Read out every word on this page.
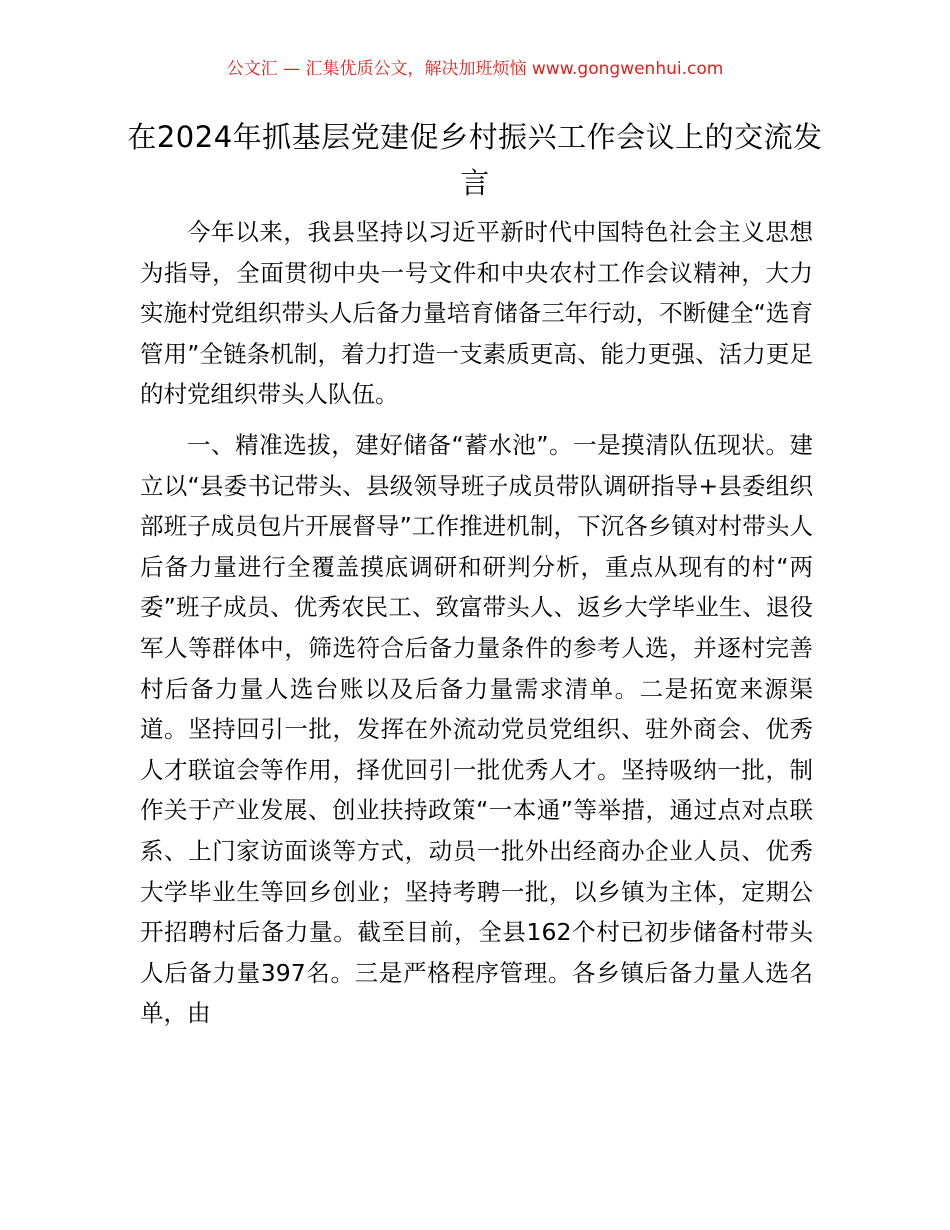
公文汇 — 汇集优质公文，解决加班烦恼 www.gongwenhui.com
在2024年抓基层党建促乡村振兴工作会议上的交流发言

今年以来，我县坚持以习近平新时代中国特色社会主义思想为指导，全面贯彻中央一号文件和中央农村工作会议精神，大力实施村党组织带头人后备力量培育储备三年行动，不断健全“选育管用”全链条机制，着力打造一支素质更高、能力更强、活力更足的村党组织带头人队伍。

一、精准选拔，建好储备“蓄水池”。一是摸清队伍现状。建立以“县委书记带头、县级领导班子成员带队调研指导+县委组织部班子成员包片开展督导”工作推进机制，下沉各乡镇对村带头人后备力量进行全覆盖摸底调研和研判分析，重点从现有的村“两委”班子成员、优秀农民工、致富带头人、返乡大学毕业生、退役军人等群体中，筛选符合后备力量条件的参考人选，并逐村完善村后备力量人选台账以及后备力量需求清单。二是拓宽来源渠道。坚持回引一批，发挥在外流动党员党组织、驻外商会、优秀人才联谊会等作用，择优回引一批优秀人才。坚持吸纳一批，制作关于产业发展、创业扶持政策“一本通”等举措，通过点对点联系、上门家访面谈等方式，动员一批外出经商办企业人员、优秀大学毕业生等回乡创业；坚持考聘一批，以乡镇为主体，定期公开招聘村后备力量。截至目前，全县162个村已初步储备村带头人后备力量397名。三是严格程序管理。各乡镇后备力量人选名单，由
